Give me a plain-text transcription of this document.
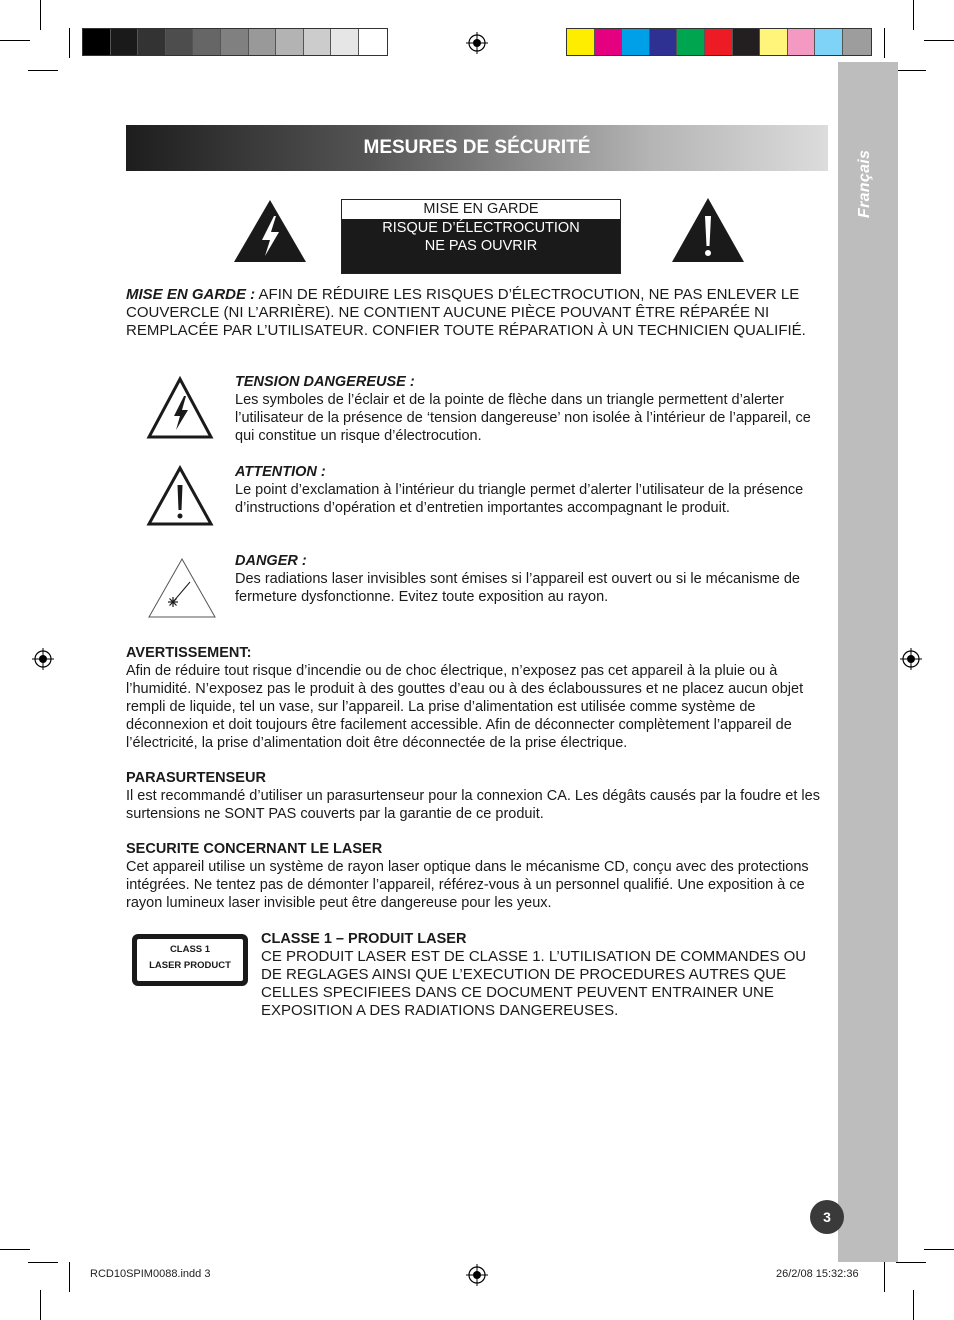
Français
MESURES DE SÉCURITÉ
MISE EN GARDE
RISQUE D’ÉLECTROCUTION
NE PAS OUVRIR
MISE EN GARDE : AFIN DE RÉDUIRE LES RISQUES D’ÉLECTROCUTION, NE PAS ENLEVER LE COUVERCLE (NI L’ARRIÈRE). NE CONTIENT AUCUNE PIÈCE POUVANT ÊTRE RÉPARÉE NI REMPLACÉE PAR L’UTILISATEUR. CONFIER TOUTE RÉPARATION À UN TECHNICIEN QUALIFIÉ.
TENSION DANGEREUSE :
Les symboles de l’éclair et de la pointe de flèche dans un triangle permettent d’alerter l’utilisateur de la présence de ‘tension dangereuse’ non isolée à l’intérieur de l’appareil, ce qui constitue un risque d’électrocution.
ATTENTION :
Le point d’exclamation à l’intérieur du triangle permet d’alerter l’utilisateur de la présence d’instructions d’opération et d’entretien importantes accompagnant le produit.
DANGER :
Des radiations laser invisibles sont émises si l’appareil est ouvert ou si le mécanisme de fermeture dysfonctionne. Evitez toute exposition au rayon.
AVERTISSEMENT:
Afin de réduire tout risque d’incendie ou de choc électrique, n’exposez pas cet appareil à la pluie ou à l’humidité. N’exposez pas le produit à des gouttes d’eau ou à des éclaboussures et ne placez aucun objet rempli de liquide, tel un vase, sur l’appareil. La prise d’alimentation est utilisée comme système de déconnexion et doit toujours être facilement accessible. Afin de déconnecter complètement l’appareil de l’électricité, la prise d’alimentation doit être déconnectée de la prise électrique.
PARASURTENSEUR
Il est recommandé d’utiliser un parasurtenseur pour la connexion CA. Les dégâts causés par la foudre et les surtensions ne SONT PAS couverts par la garantie de ce produit.
SECURITE CONCERNANT LE LASER
Cet appareil utilise un système de rayon laser optique dans le mécanisme CD, conçu avec des protections intégrées. Ne tentez pas de démonter l’appareil, référez-vous à un personnel qualifié. Une exposition à ce rayon lumineux laser invisible peut être dangereuse pour les yeux.
CLASS 1
LASER PRODUCT
CLASSE 1 – PRODUIT LASER
CE PRODUIT LASER EST DE CLASSE 1. L’UTILISATION DE COMMANDES OU DE REGLAGES AINSI QUE L’EXECUTION DE PROCEDURES AUTRES QUE CELLES SPECIFIEES DANS CE DOCUMENT PEUVENT ENTRAINER UNE EXPOSITION A DES RADIATIONS DANGEREUSES.
3
RCD10SPIM0088.indd 3	26/2/08 15:32:36
